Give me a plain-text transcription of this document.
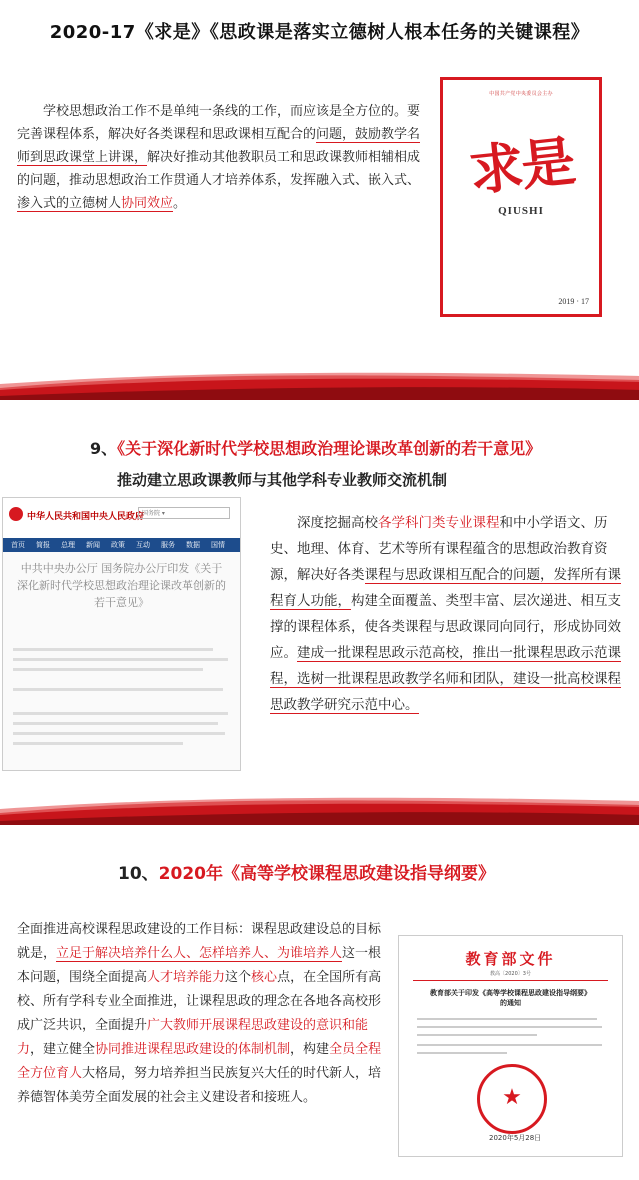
2020-17《求是》《思政课是落实立德树人根本任务的关键课程》
学校思想政治工作不是单纯一条线的工作，而应该是全方位的。要完善课程体系，解决好各类课程和思政课相互配合的问题，鼓励教学名师到思政课堂上讲课，解决好推动其他教职员工和思政课教师相辅相成的问题，推动思想政治工作贯通人才培养体系，发挥融入式、嵌入式、渗入式的立德树人协同效应。
中国共产党中央委员会主办
求是
QIUSHI
2019 · 17
9、《关于深化新时代学校思想政治理论课改革创新的若干意见》
推动建立思政课教师与其他学科专业教师交流机制
中华人民共和国中央人民政府
国务院 ▾
首页 简报 总理 新闻 政策 互动 服务 数据 国情
中共中央办公厅 国务院办公厅印发《关于深化新时代学校思想政治理论课改革创新的若干意见》
深度挖掘高校各学科门类专业课程和中小学语文、历史、地理、体育、艺术等所有课程蕴含的思想政治教育资源，解决好各类课程与思政课相互配合的问题，发挥所有课程育人功能，构建全面覆盖、类型丰富、层次递进、相互支撑的课程体系，使各类课程与思政课同向同行，形成协同效应。建成一批课程思政示范高校，推出一批课程思政示范课程，选树一批课程思政教学名师和团队，建设一批高校课程思政教学研究示范中心。
10、2020年《高等学校课程思政建设指导纲要》
全面推进高校课程思政建设的工作目标：课程思政建设总的目标就是，立足于解决培养什么人、怎样培养人、为谁培养人这一根本问题，围绕全面提高人才培养能力这个核心点，在全国所有高校、所有学科专业全面推进，让课程思政的理念在各地各高校形成广泛共识，全面提升广大教师开展课程思政建设的意识和能力，建立健全协同推进课程思政建设的体制机制，构建全员全程全方位育人大格局，努力培养担当民族复兴大任的时代新人，培养德智体美劳全面发展的社会主义建设者和接班人。
教育部文件
教高〔2020〕3号
教育部关于印发《高等学校课程思政建设指导纲要》的通知
★
2020年5月28日
